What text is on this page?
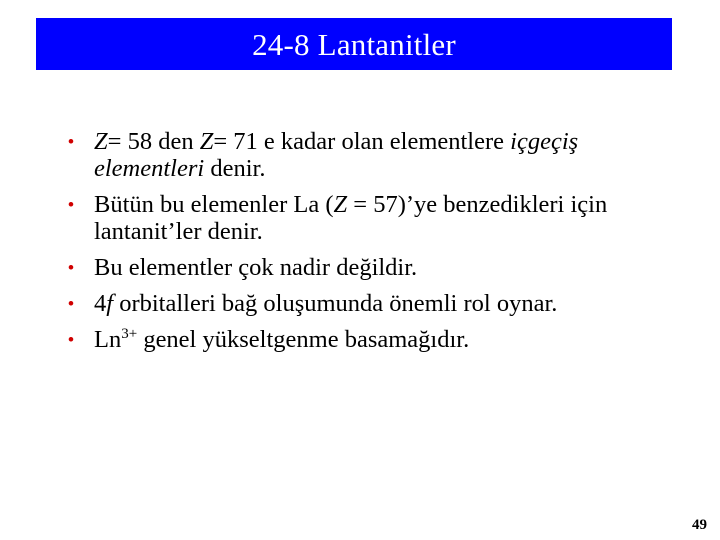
24-8 Lantanitler
• Z= 58 den Z= 71 e kadar olan elementlere içgeçiş elementleri denir.
• Bütün bu elemenler La (Z = 57)’ye benzedikleri için lantanit’ler denir.
• Bu elementler çok nadir değildir.
• 4f orbitalleri bağ oluşumunda önemli rol oynar.
• $Ln^{3+}$ genel yükseltgenme basamağıdır.
49
